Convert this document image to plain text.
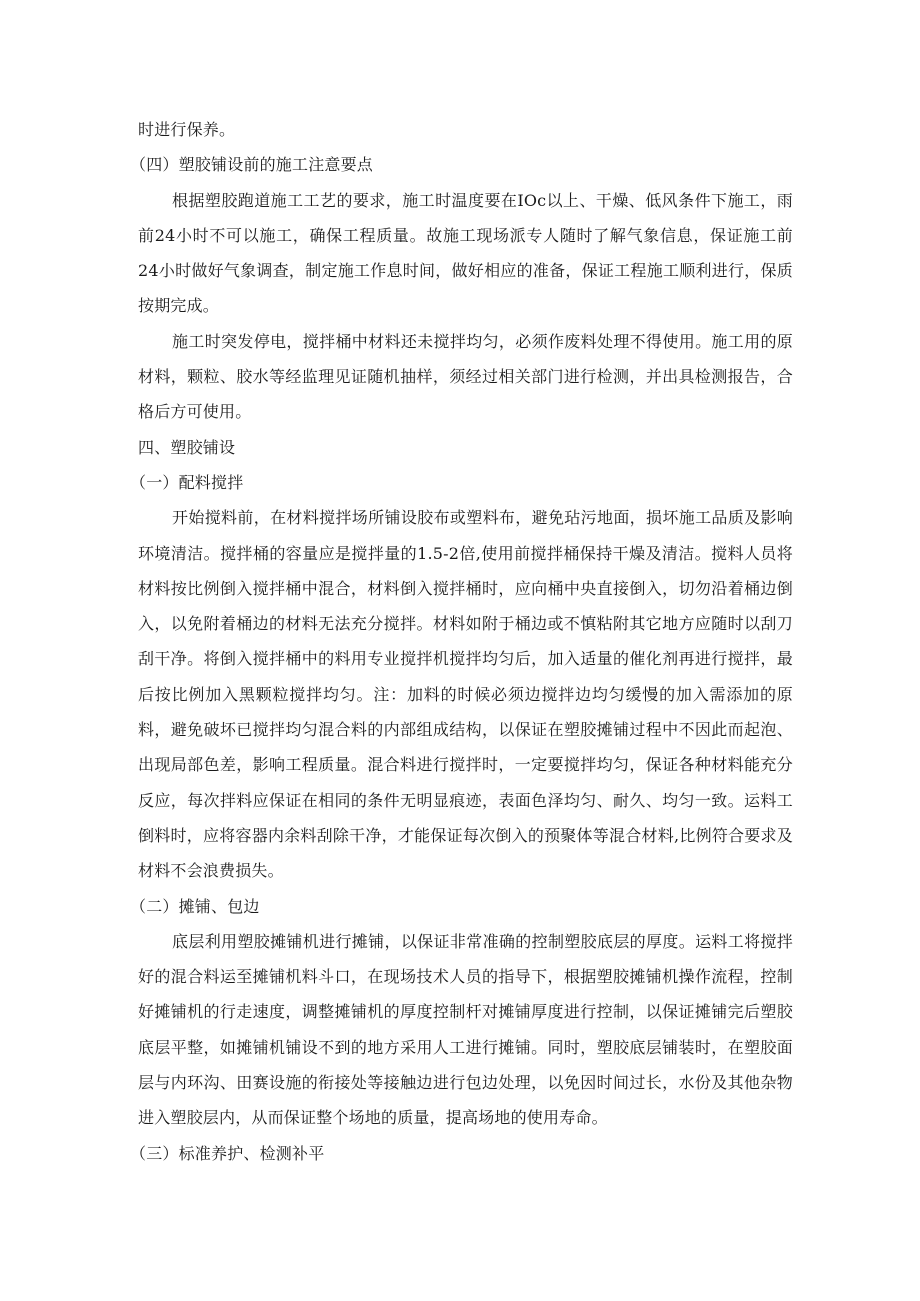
时进行保养。

（四）塑胶铺设前的施工注意要点

根据塑胶跑道施工工艺的要求，施工时温度要在IOc以上、干燥、低风条件下施工，雨前24小时不可以施工，确保工程质量。故施工现场派专人随时了解气象信息，保证施工前24小时做好气象调查，制定施工作息时间，做好相应的准备，保证工程施工顺利进行，保质按期完成。

施工时突发停电，搅拌桶中材料还未搅拌均匀，必须作废料处理不得使用。施工用的原材料，颗粒、胶水等经监理见证随机抽样，须经过相关部门进行检测，并出具检测报告，合格后方可使用。

四、塑胶铺设

（一）配料搅拌

开始搅料前，在材料搅拌场所铺设胶布或塑料布，避免玷污地面，损坏施工品质及影响环境清洁。搅拌桶的容量应是搅拌量的1.5-2倍,使用前搅拌桶保持干燥及清洁。搅料人员将材料按比例倒入搅拌桶中混合，材料倒入搅拌桶时，应向桶中央直接倒入，切勿沿着桶边倒入，以免附着桶边的材料无法充分搅拌。材料如附于桶边或不慎粘附其它地方应随时以刮刀刮干净。将倒入搅拌桶中的料用专业搅拌机搅拌均匀后，加入适量的催化剂再进行搅拌，最后按比例加入黑颗粒搅拌均匀。注：加料的时候必须边搅拌边均匀缓慢的加入需添加的原料，避免破坏已搅拌均匀混合料的内部组成结构，以保证在塑胶摊铺过程中不因此而起泡、出现局部色差，影响工程质量。混合料进行搅拌时，一定要搅拌均匀，保证各种材料能充分反应，每次拌料应保证在相同的条件无明显痕迹，表面色泽均匀、耐久、均匀一致。运料工倒料时，应将容器内余料刮除干净，才能保证每次倒入的预聚体等混合材料,比例符合要求及材料不会浪费损失。

（二）摊铺、包边

底层利用塑胶摊铺机进行摊铺，以保证非常准确的控制塑胶底层的厚度。运料工将搅拌好的混合料运至摊铺机料斗口，在现场技术人员的指导下，根据塑胶摊铺机操作流程，控制好摊铺机的行走速度，调整摊铺机的厚度控制杆对摊铺厚度进行控制，以保证摊铺完后塑胶底层平整，如摊铺机铺设不到的地方采用人工进行摊铺。同时，塑胶底层铺装时，在塑胶面层与内环沟、田赛设施的衔接处等接触边进行包边处理，以免因时间过长，水份及其他杂物进入塑胶层内，从而保证整个场地的质量，提高场地的使用寿命。

（三）标准养护、检测补平
